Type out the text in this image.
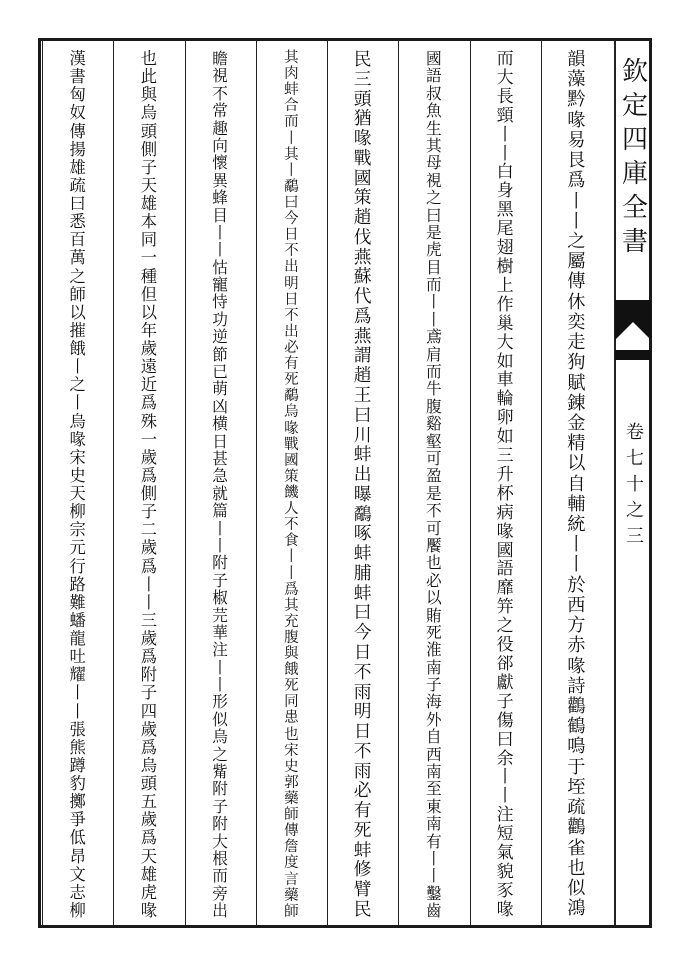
欽
定
四
庫
全
書
卷
七
十
之
三
韻
藻
黔
喙
易
艮
爲
丨
丨
之
屬
傳
休
奕
走
狗
賦
錬
金
精
以
自
輔
統
丨
丨
於
西
方
赤
喙
詩
鸛
鶴
鳴
于
垤
疏
鸛
雀
也
似
鴻
而
大
長
頸
丨
丨
白
身
黑
尾
翅
樹
上
作
巢
大
如
車
輪
卵
如
三
升
杯
病
喙
國
語
靡
笄
之
役
郤
獻
子
傷
曰
余
丨
丨
注
短
氣
貌
豕
喙
國
語
叔
魚
生
其
母
視
之
曰
是
虎
目
而
丨
丨
鳶
肩
而
牛
腹
谿
壑
可
盈
是
不
可
饜
也
必
以
賄
死
淮
南
子
海
外
自
西
南
至
東
南
有
丨
丨
鑿
齒
民
三
頭
猶
喙
戰
國
策
趙
伐
燕
蘇
代
爲
燕
謂
趙
王
曰
川
蚌
出
曝
鷸
啄
蚌
脯
蚌
曰
今
日
不
雨
明
日
不
雨
必
有
死
蚌
修
臂
民
其
肉
蚌
合
而
丨
其
丨
鷸
曰
今
日
不
出
明
日
不
出
必
有
死
鷸
烏
喙
戰
國
策
饑
人
不
食
丨
丨
爲
其
充
腹
與
餓
死
同
患
也
宋
史
郭
藥
師
傳
詹
度
言
藥
師
瞻
視
不
常
趣
向
懷
異
蜂
目
丨
丨
怙
寵
恃
功
逆
節
已
萌
凶
横
日
甚
急
就
篇
丨
丨
附
子
椒
芫
華
注
丨
丨
形
似
烏
之
觜
附
子
附
大
根
而
旁
出
也
此
與
烏
頭
側
子
天
雄
本
同
一
種
但
以
年
歲
遠
近
爲
殊
一
歲
爲
側
子
二
歲
爲
丨
丨
三
歲
爲
附
子
四
歲
爲
烏
頭
五
歲
爲
天
雄
虎
喙
漢
書
匈
奴
傳
揚
雄
疏
曰
悉
百
萬
之
師
以
摧
餓
丨
之
丨
烏
喙
宋
史
天
柳
宗
元
行
路
難
蟠
龍
吐
耀
丨
丨
張
熊
蹲
豹
擲
爭
低
昂
文
志
柳
